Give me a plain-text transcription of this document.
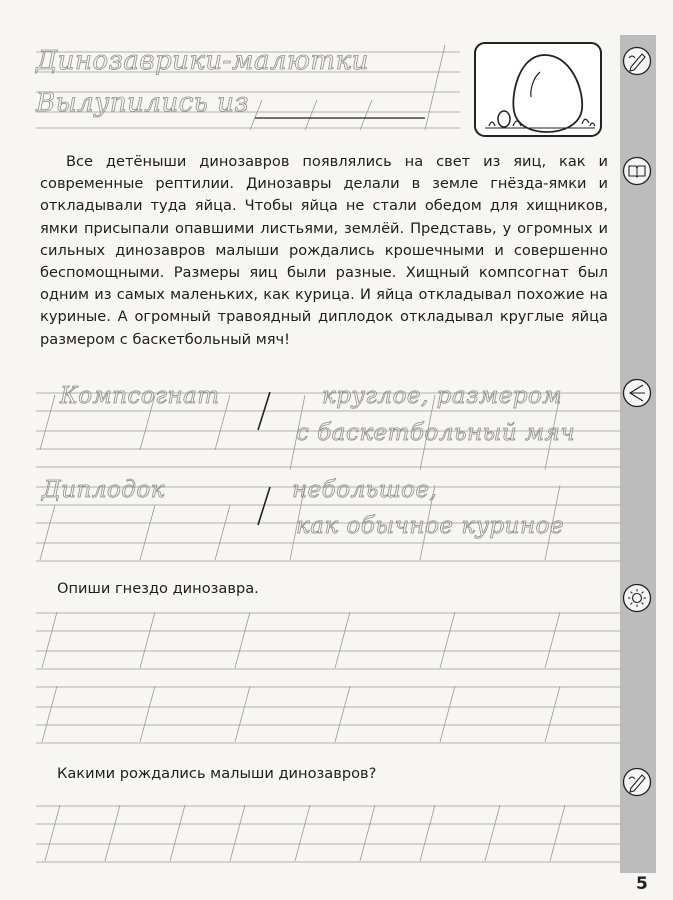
Динозаврики-малютки
Вылупились из

Все детёныши динозавров появлялись на свет из яиц, как и современные рептилии. Динозавры делали в земле гнёзда-ямки и откладывали туда яйца. Чтобы яйца не стали обедом для хищников, ямки присыпали опавшими листьями, землёй. Представь, у огромных и сильных динозавров малыши рождались крошечными и совершенно беспомощными. Размеры яиц были разные. Хищный компсогнат был одним из самых маленьких, как курица. И яйца откладывал похожие на куриные. А огромный травоядный диплодок откладывал круглые яйца размером с баскетбольный мяч!

Компсогнат
Диплодок
круглое, размером
с баскетбольный мяч
небольшое,
как обычное куриное
Опиши гнездо динозавра.
Какими рождались малыши динозавров?
5
